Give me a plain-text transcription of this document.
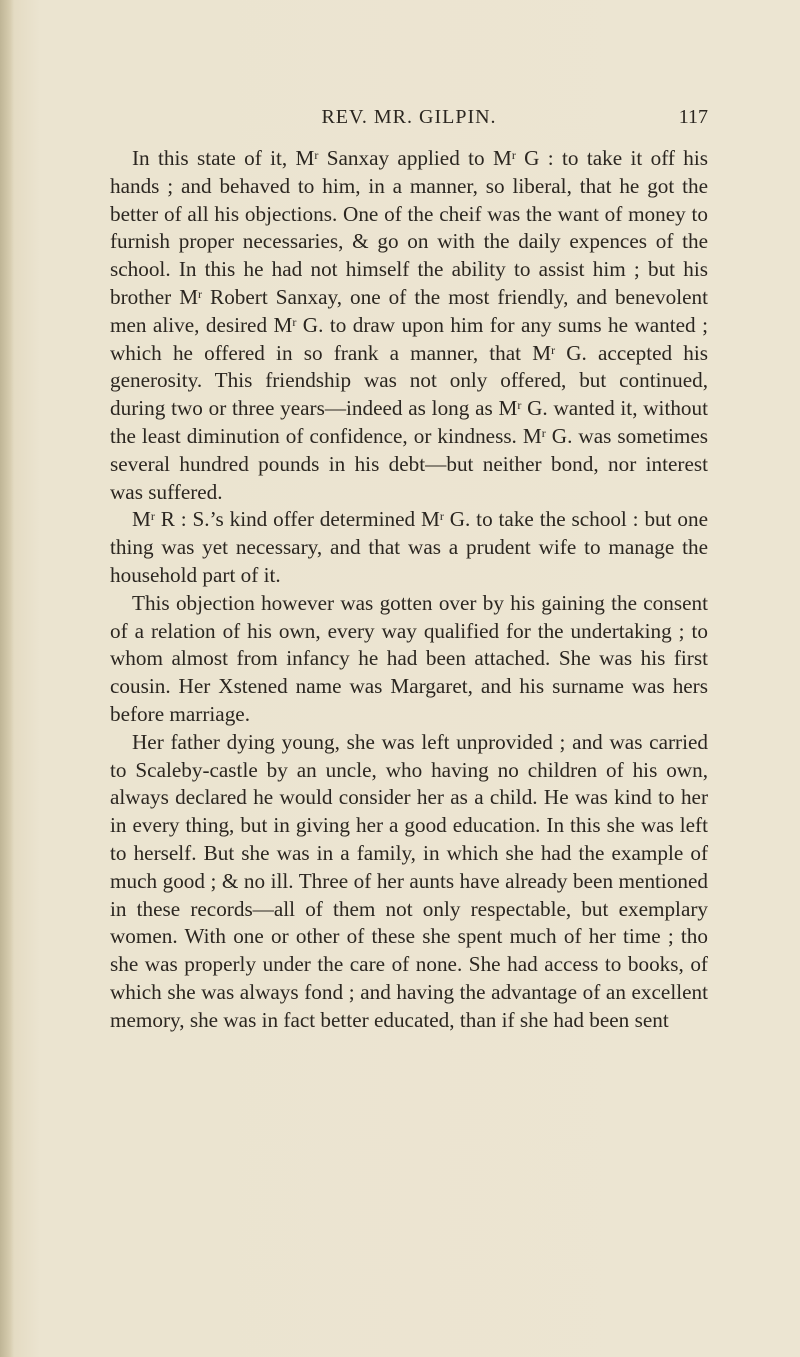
REV. MR. GILPIN.	117

In this state of it, $M^r$ Sanxay applied to $M^r$ G : to take it off his hands ; and behaved to him, in a manner, so liberal, that he got the better of all his objections. One of the cheif was the want of money to furnish proper necessaries, & go on with the daily expences of the school. In this he had not himself the ability to assist him ; but his brother $M^r$ Robert Sanxay, one of the most friendly, and benevolent men alive, desired $M^r$ G. to draw upon him for any sums he wanted ; which he offered in so frank a manner, that $M^r$ G. accepted his generosity. This friendship was not only offered, but continued, during two or three years—indeed as long as $M^r$ G. wanted it, without the least diminution of confidence, or kindness. $M^r$ G. was sometimes several hundred pounds in his debt—but neither bond, nor interest was suffered.

$M^r$ R : S.’s kind offer determined $M^r$ G. to take the school : but one thing was yet necessary, and that was a prudent wife to manage the household part of it.

This objection however was gotten over by his gaining the consent of a relation of his own, every way qualified for the undertaking ; to whom almost from infancy he had been attached. She was his first cousin. Her Xstened name was Margaret, and his surname was hers before marriage.

Her father dying young, she was left unprovided ; and was carried to Scaleby-castle by an uncle, who having no children of his own, always declared he would consider her as a child. He was kind to her in every thing, but in giving her a good education. In this she was left to herself. But she was in a family, in which she had the example of much good ; & no ill. Three of her aunts have already been mentioned in these records—all of them not only respectable, but exemplary women. With one or other of these she spent much of her time ; tho she was properly under the care of none. She had access to books, of which she was always fond ; and having the advantage of an excellent memory, she was in fact better educated, than if she had been sent
